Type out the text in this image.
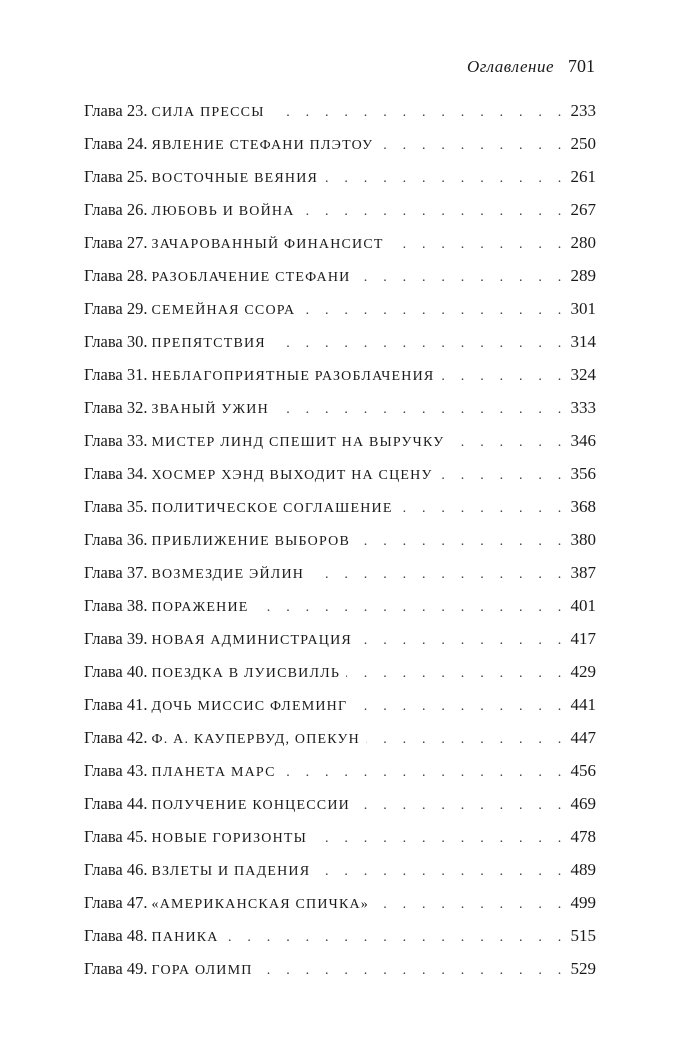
Оглавление 701
Глава 23. СИЛА ПРЕССЫ . . .	233
Глава 24. ЯВЛЕНИЕ СТЕФАНИ ПЛЭТОУ . . .	250
Глава 25. ВОСТОЧНЫЕ ВЕЯНИЯ . . .	261
Глава 26. ЛЮБОВЬ И ВОЙНА . . .	267
Глава 27. ЗАЧАРОВАННЫЙ ФИНАНСИСТ . . .	280
Глава 28. РАЗОБЛАЧЕНИЕ СТЕФАНИ . . .	289
Глава 29. СЕМЕЙНАЯ ССОРА . . .	301
Глава 30. ПРЕПЯТСТВИЯ . . .	314
Глава 31. НЕБЛАГОПРИЯТНЫЕ РАЗОБЛАЧЕНИЯ . . .	324
Глава 32. ЗВАНЫЙ УЖИН . . .	333
Глава 33. МИСТЕР ЛИНД СПЕШИТ НА ВЫРУЧКУ . . .	346
Глава 34. ХОСМЕР ХЭНД ВЫХОДИТ НА СЦЕНУ . . .	356
Глава 35. ПОЛИТИЧЕСКОЕ СОГЛАШЕНИЕ . . .	368
Глава 36. ПРИБЛИЖЕНИЕ ВЫБОРОВ . . .	380
Глава 37. ВОЗМЕЗДИЕ ЭЙЛИН . . .	387
Глава 38. ПОРАЖЕНИЕ . . .	401
Глава 39. НОВАЯ АДМИНИСТРАЦИЯ . . .	417
Глава 40. ПОЕЗДКА В ЛУИСВИЛЛЬ . . .	429
Глава 41. ДОЧЬ МИССИС ФЛЕМИНГ . . .	441
Глава 42. Ф. А. КАУПЕРВУД, ОПЕКУН . . .	447
Глава 43. ПЛАНЕТА МАРС . . .	456
Глава 44. ПОЛУЧЕНИЕ КОНЦЕССИИ . . .	469
Глава 45. НОВЫЕ ГОРИЗОНТЫ . . .	478
Глава 46. ВЗЛЕТЫ И ПАДЕНИЯ . . .	489
Глава 47. «АМЕРИКАНСКАЯ СПИЧКА» . . .	499
Глава 48. ПАНИКА . . .	515
Глава 49. ГОРА ОЛИМП . . .	529
